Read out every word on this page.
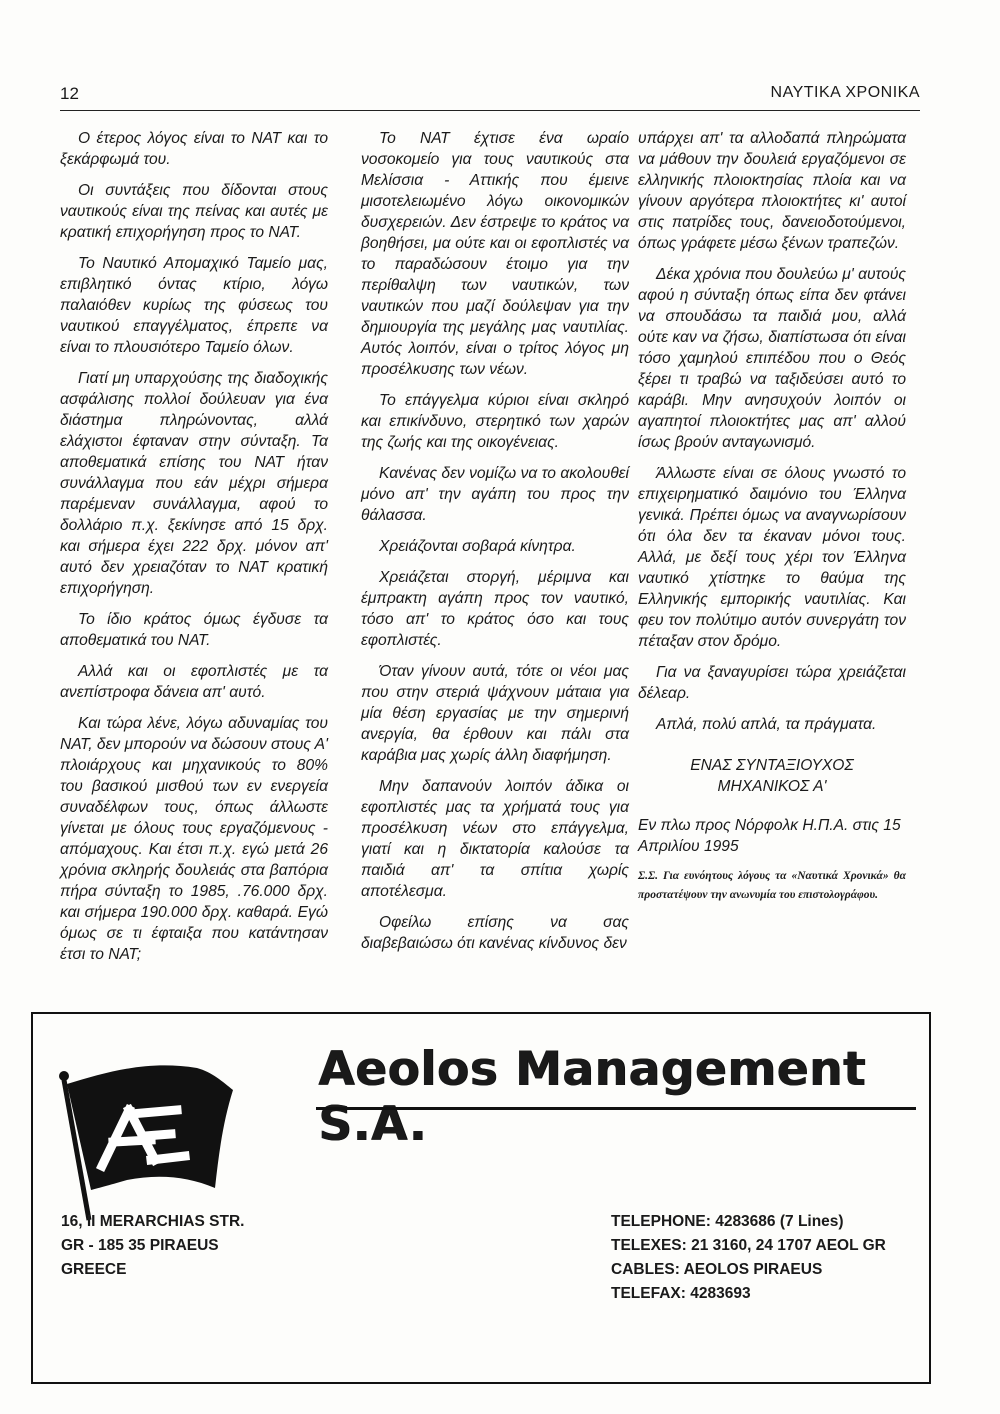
12	ΝΑΥΤΙΚΑ ΧΡΟΝΙΚΑ

Ο έτερος λόγος είναι το ΝΑΤ και το ξεκάρφωμά του.

Οι συντάξεις που δίδονται στους ναυτικούς είναι της πείνας και αυτές με κρατική επιχορήγηση προς το ΝΑΤ.

Το Ναυτικό Απομαχικό Ταμείο μας, επιβλητικό όντας κτίριο, λόγω παλαιόθεν κυρίως της φύσεως του ναυτικού επαγγέλματος, έπρεπε να είναι το πλουσιότερο Ταμείο όλων.

Γιατί μη υπαρχούσης της διαδοχικής ασφάλισης πολλοί δούλευαν για ένα διάστημα πληρώνοντας, αλλά ελάχιστοι έφταναν στην σύνταξη. Τα αποθεματικά επίσης του ΝΑΤ ήταν συνάλλαγμα που εάν μέχρι σήμερα παρέμεναν συνάλλαγμα, αφού το δολλάριο π.χ. ξεκίνησε από 15 δρχ. και σήμερα έχει 222 δρχ. μόνον απ' αυτό δεν χρειαζόταν το ΝΑΤ κρατική επιχορήγηση.

Το ίδιο κράτος όμως έγδυσε τα αποθεματικά του ΝΑΤ.

Αλλά και οι εφοπλιστές με τα ανεπίστροφα δάνεια απ' αυτό.

Και τώρα λένε, λόγω αδυναμίας του ΝΑΤ, δεν μπορούν να δώσουν στους Α' πλοιάρχους και μηχανικούς το 80% του βασικού μισθού των εν ενεργεία συναδέλφων τους, όπως άλλωστε γίνεται με όλους τους εργαζόμενους - απόμαχους. Και έτσι π.χ. εγώ μετά 26 χρόνια σκληρής δουλειάς στα βαπόρια πήρα σύνταξη το 1985, .76.000 δρχ. και σήμερα 190.000 δρχ. καθαρά. Εγώ όμως σε τι έφταιξα που κατάντησαν έτσι το ΝΑΤ;

Το ΝΑΤ έχτισε ένα ωραίο νοσοκομείο για τους ναυτικούς στα Μελίσσια - Αττικής που έμεινε μισοτελειωμένο λόγω οικονομικών δυσχερειών. Δεν έστρεψε το κράτος να βοηθήσει, μα ούτε και οι εφοπλιστές να το παραδώσουν έτοιμο για την περίθαλψη των ναυτικών, των ναυτικών που μαζί δούλεψαν για την δημιουργία της μεγάλης μας ναυτιλίας. Αυτός λοιπόν, είναι ο τρίτος λόγος μη προσέλκυσης των νέων.

Το επάγγελμα κύριοι είναι σκληρό και επικίνδυνο, στερητικό των χαρών της ζωής και της οικογένειας.

Κανένας δεν νομίζω να το ακολουθεί μόνο απ' την αγάπη του προς την θάλασσα.

Χρειάζονται σοβαρά κίνητρα.

Χρειάζεται στοργή, μέριμνα και έμπρακτη αγάπη προς τον ναυτικό, τόσο απ' το κράτος όσο και τους εφοπλιστές.

Όταν γίνουν αυτά, τότε οι νέοι μας που στην στεριά ψάχνουν μάταια για μία θέση εργασίας με την σημερινή ανεργία, θα έρθουν και πάλι στα καράβια μας χωρίς άλλη διαφήμηση.

Μην δαπανούν λοιπόν άδικα οι εφοπλιστές μας τα χρήματά τους για προσέλκυση νέων στο επάγγελμα, γιατί και η δικτατορία καλούσε τα παιδιά απ' τα σπίτια χωρίς αποτέλεσμα.

Οφείλω επίσης να σας διαβεβαιώσω ότι κανένας κίνδυνος δεν

υπάρχει απ' τα αλλοδαπά πληρώματα να μάθουν την δουλειά εργαζόμενοι σε ελληνικής πλοιοκτησίας πλοία και να γίνουν αργότερα πλοιοκτήτες κι' αυτοί στις πατρίδες τους, δανειοδοτούμενοι, όπως γράφετε μέσω ξένων τραπεζών.

Δέκα χρόνια που δουλεύω μ' αυτούς αφού η σύνταξη όπως είπα δεν φτάνει να σπουδάσω τα παιδιά μου, αλλά ούτε καν να ζήσω, διαπίστωσα ότι είναι τόσο χαμηλού επιπέδου που ο Θεός ξέρει τι τραβώ να ταξιδεύσει αυτό το καράβι. Μην ανησυχούν λοιπόν οι αγαπητοί πλοιοκτήτες μας απ' αλλού ίσως βρούν ανταγωνισμό.

Άλλωστε είναι σε όλους γνωστό το επιχειρηματικό δαιμόνιο του Έλληνα γενικά. Πρέπει όμως να αναγνωρίσουν ότι όλα δεν τα έκαναν μόνοι τους. Αλλά, με δεξί τους χέρι τον Έλληνα ναυτικό χτίστηκε το θαύμα της Ελληνικής εμπορικής ναυτιλίας. Και φευ τον πολύτιμο αυτόν συνεργάτη τον πέταξαν στον δρόμο.

Για να ξαναγυρίσει τώρα χρειάζεται δέλεαρ.

Απλά, πολύ απλά, τα πράγματα.

ΕΝΑΣ ΣΥΝΤΑΞΙΟΥΧΟΣ
ΜΗΧΑΝΙΚΟΣ Α'
Εν πλω προς Νόρφολκ Η.Π.Α. στις 15 Απριλίου 1995
Σ.Σ. Για ευνόητους λόγους τα «Ναυτικά Χρονικά» θα προστατέψουν την ανωνυμία του επιστολογράφου.
Aeolos Management S.A.
16, II MERARCHIAS STR.
GR - 185 35 PIRAEUS
GREECE
TELEPHONE: 4283686 (7 Lines)
TELEXES: 21 3160, 24 1707 AEOL GR
CABLES: AEOLOS PIRAEUS
TELEFAX: 4283693
